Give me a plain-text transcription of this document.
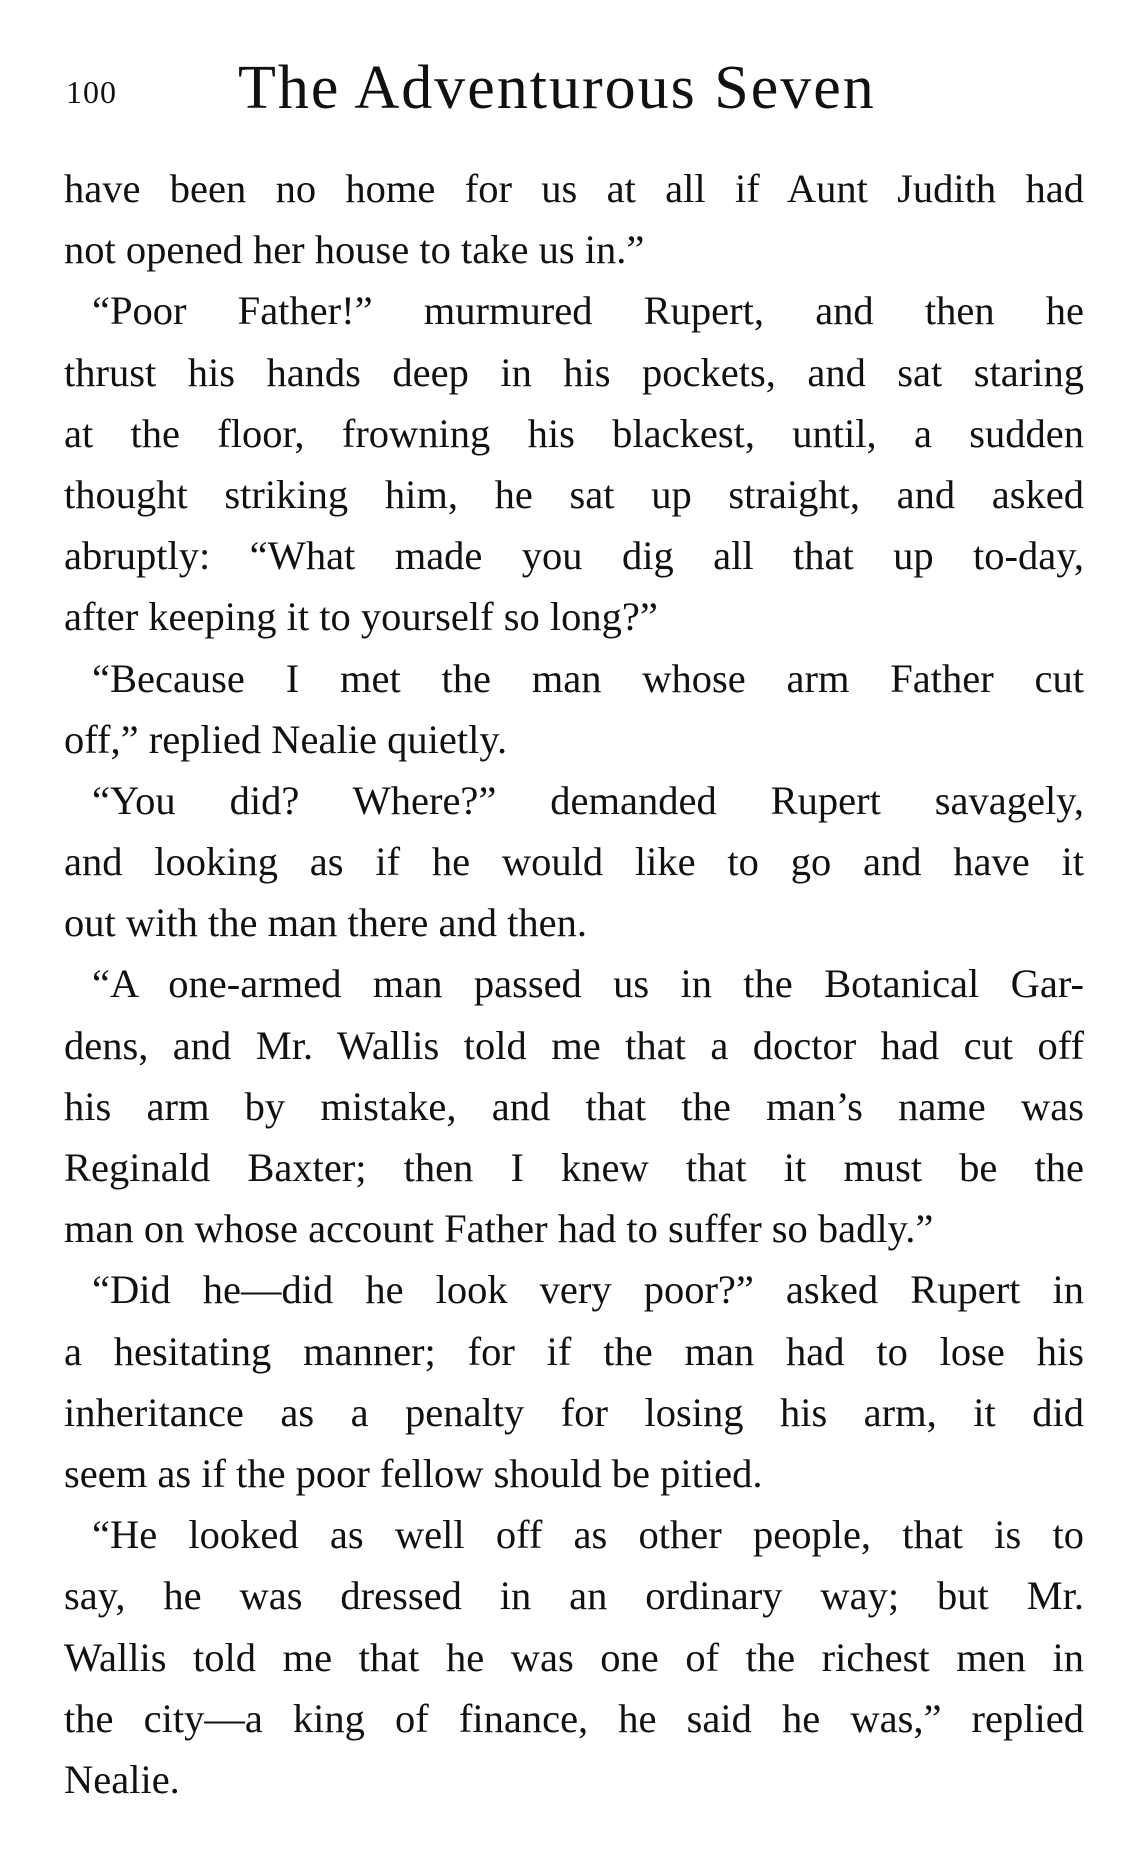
100 The Adventurous Seven
have been no home for us at all if Aunt Judith had
not opened her house to take us in.”
“Poor Father!” murmured Rupert, and then he
thrust his hands deep in his pockets, and sat staring
at the floor, frowning his blackest, until, a sudden
thought striking him, he sat up straight, and asked
abruptly: “What made you dig all that up to-day,
after keeping it to yourself so long?”
“Because I met the man whose arm Father cut
off,” replied Nealie quietly.
“You did? Where?” demanded Rupert savagely,
and looking as if he would like to go and have it
out with the man there and then.
“A one-armed man passed us in the Botanical Gar-
dens, and Mr. Wallis told me that a doctor had cut off
his arm by mistake, and that the man’s name was
Reginald Baxter; then I knew that it must be the
man on whose account Father had to suffer so badly.”
“Did he—did he look very poor?” asked Rupert in
a hesitating manner; for if the man had to lose his
inheritance as a penalty for losing his arm, it did
seem as if the poor fellow should be pitied.
“He looked as well off as other people, that is to
say, he was dressed in an ordinary way; but Mr.
Wallis told me that he was one of the richest men in
the city—a king of finance, he said he was,” replied
Nealie.
